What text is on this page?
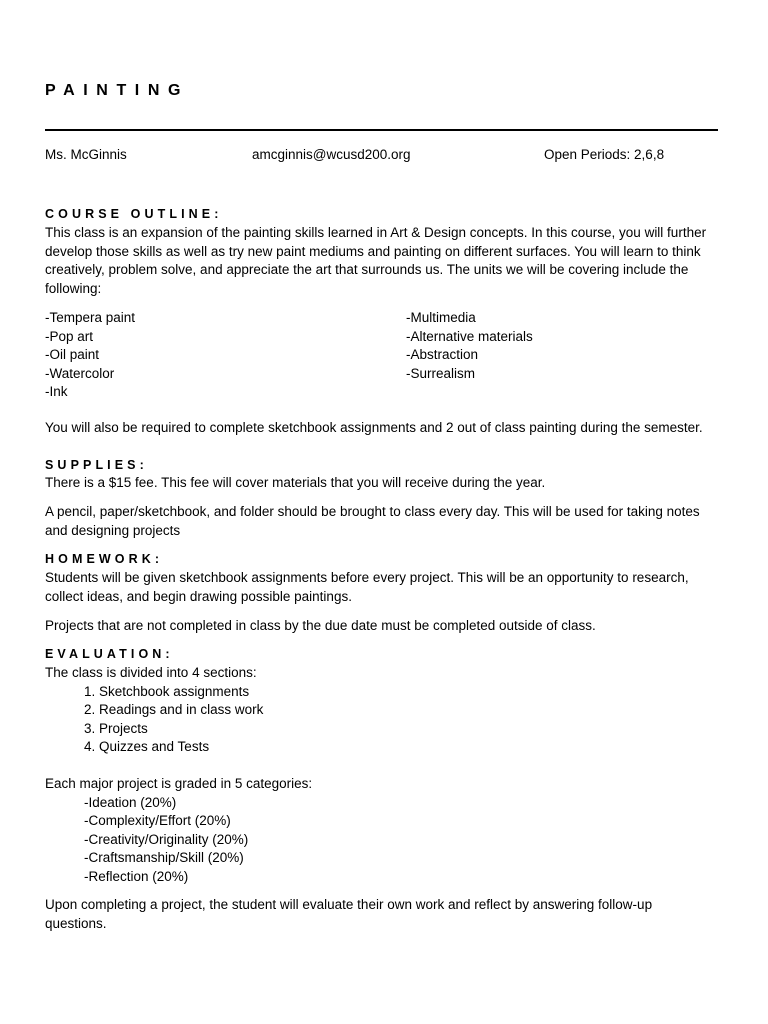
PAINTING
Ms. McGinnis	amcginnis@wcusd200.org	Open Periods: 2,6,8
COURSE OUTLINE:

This class is an expansion of the painting skills learned in Art & Design concepts. In this course, you will further

develop those skills as well as try new paint mediums and painting on different surfaces. You will learn to think

creatively, problem solve, and appreciate the art that surrounds us. The units we will be covering include the

following:

-Tempera paint
-Pop art
-Oil paint
-Watercolor
-Ink
-Multimedia
-Alternative materials
-Abstraction
-Surrealism

You will also be required to complete sketchbook assignments and 2 out of class painting during the semester.

SUPPLIES:

There is a $15 fee. This fee will cover materials that you will receive during the year.

A pencil, paper/sketchbook, and folder should be brought to class every day. This will be used for taking notes

and designing projects

HOMEWORK:

Students will be given sketchbook assignments before every project. This will be an opportunity to research,

collect ideas, and begin drawing possible paintings.

Projects that are not completed in class by the due date must be completed outside of class.

EVALUATION:

The class is divided into 4 sections:

1. Sketchbook assignments

2. Readings and in class work

3. Projects

4. Quizzes and Tests

Each major project is graded in 5 categories:

-Ideation (20%)

-Complexity/Effort (20%)

-Creativity/Originality (20%)

-Craftsmanship/Skill (20%)

-Reflection (20%)

Upon completing a project, the student will evaluate their own work and reflect by answering follow-up

questions.
